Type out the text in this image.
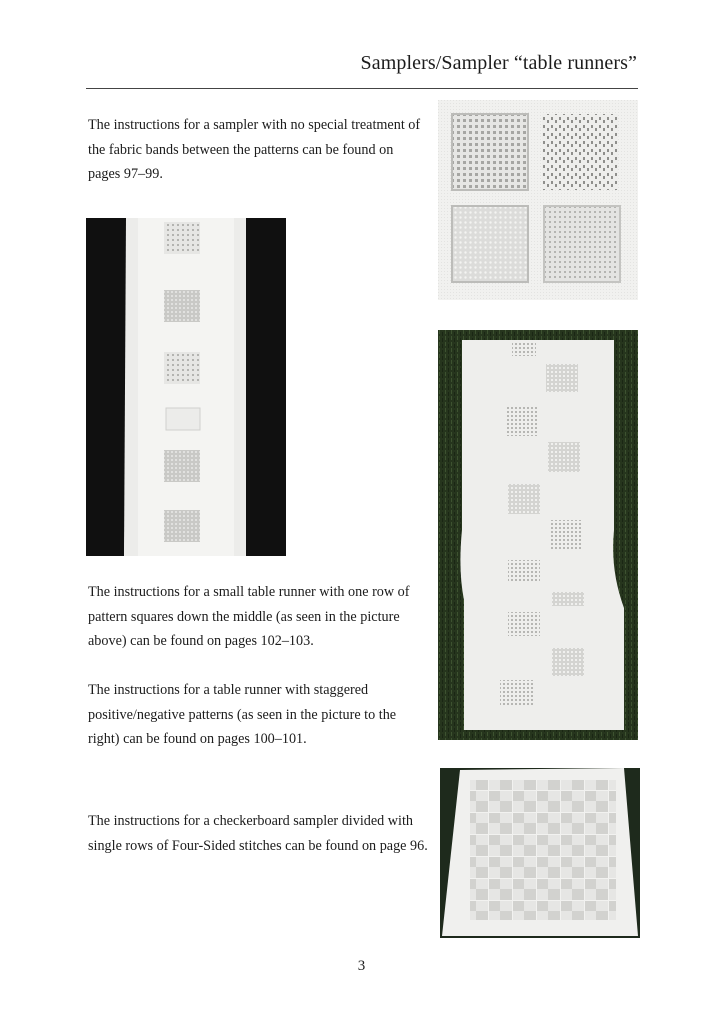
Samplers/Sampler “table runners”

The instructions for a sampler with no special treatment of the fabric bands between the patterns can be found on pages 97–99.

The instructions for a small table runner with one row of pattern squares down the middle (as seen in the picture above) can be found on pages 102–103.

The instructions for a table runner with staggered positive/negative patterns (as seen in the picture to the right) can be found on pages 100–101.

The instructions for a checkerboard sampler divided with single rows of Four-Sided stitches can be found on page 96.

3
